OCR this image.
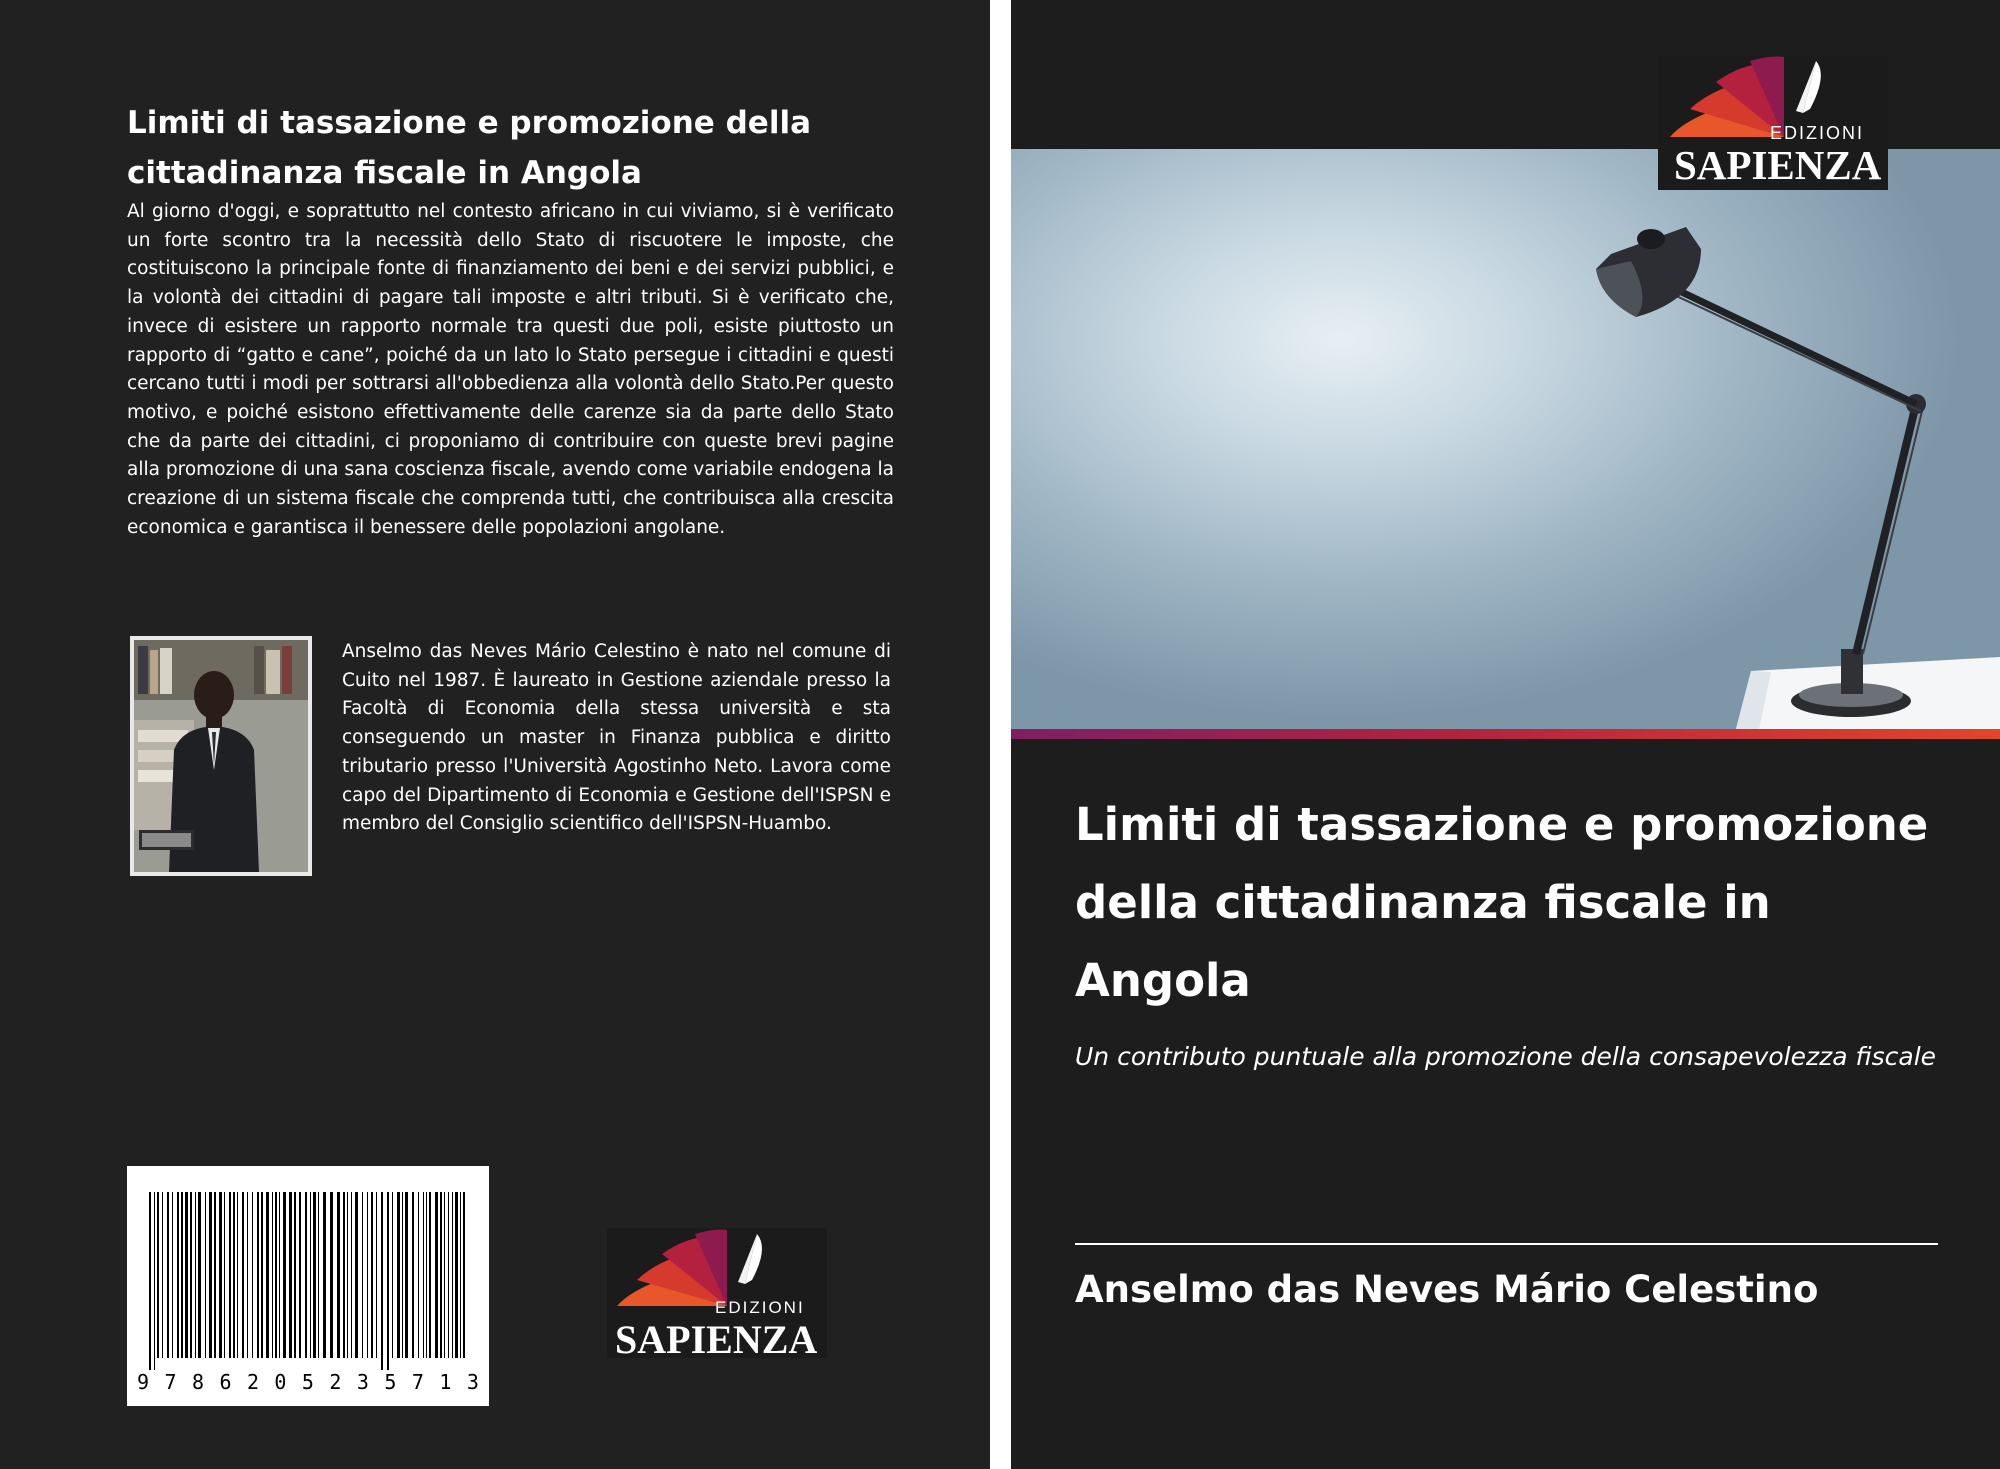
Limiti di tassazione e promozione della cittadinanza fiscale in Angola

Al giorno d'oggi, e soprattutto nel contesto africano in cui viviamo, si è verificato un forte scontro tra la necessità dello Stato di riscuotere le imposte, che costituiscono la principale fonte di finanziamento dei beni e dei servizi pubblici, e la volontà dei cittadini di pagare tali imposte e altri tributi. Si è verificato che, invece di esistere un rapporto normale tra questi due poli, esiste piuttosto un rapporto di “gatto e cane”, poiché da un lato lo Stato persegue i cittadini e questi cercano tutti i modi per sottrarsi all'obbedienza alla volontà dello Stato.Per questo motivo, e poiché esistono effettivamente delle carenze sia da parte dello Stato che da parte dei cittadini, ci proponiamo di contribuire con queste brevi pagine alla promozione di una sana coscienza fiscale, avendo come variabile endogena la creazione di un sistema fiscale che comprenda tutti, che contribuisca alla crescita economica e garantisca il benessere delle popolazioni angolane.

Anselmo das Neves Mário Celestino è nato nel comune di Cuito nel 1987. È laureato in Gestione aziendale presso la Facoltà di Economia della stessa università e sta conseguendo un master in Finanza pubblica e diritto tributario presso l'Università Agostinho Neto. Lavora come capo del Dipartimento di Economia e Gestione dell'ISPSN e membro del Consiglio scientifico dell'ISPSN-Huambo.

9 7 8 6 2 0 5 2 3 5 7 1 3
EDIZIONI
SAPIENZA
EDIZIONI
SAPIENZA
Limiti di tassazione e promozione della cittadinanza fiscale in Angola

Un contributo puntuale alla promozione della consapevolezza fiscale

Anselmo das Neves Mário Celestino
